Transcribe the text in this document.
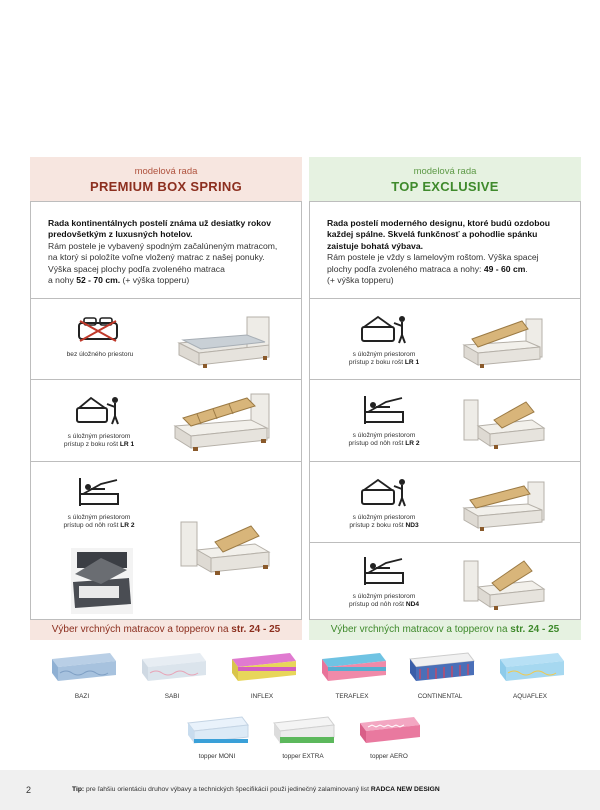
modelová rada
PREMIUM BOX SPRING
modelová rada
TOP EXCLUSIVE
Rada kontinentálnych postelí známa už desiatky rokov
predovšetkým z luxusných hotelov.
Rám postele je vybavený spodným začalúneným matracom,
na ktorý si položíte voľne vložený matrac z našej ponuky.
Výška spacej plochy podľa zvoleného matraca
a nohy 52 - 70 cm. (+ výška topperu)
bez úložného priestoru
s úložným priestorom
prístup z boku rošt LR 1
s úložným priestorom
prístup od nôh rošt LR 2
Rada postelí moderného designu, ktoré budú ozdobou
každej spálne. Skvelá funkčnosť a pohodlie spánku
zaistuje bohatá výbava.
Rám postele je vždy s lamelovým roštom. Výška spacej
plochy podľa zvoleného matraca a nohy: 49 - 60 cm.
(+ výška topperu)
s úložným priestorom
prístup z boku rošt LR 1
s úložným priestorom
prístup od nôh rošt LR 2
s úložným priestorom
prístup z boku rošt ND3
s úložným priestorom
prístup od nôh rošt ND4
Výber vrchných matracov a topperov na str. 24 - 25	Výber vrchných matracov a topperov na str. 24 - 25
BAZI	SABI	INFLEX	TERAFLEX	CONTINENTAL	AQUAFLEX
topper MONI	topper EXTRA	topper AERO
2	Tip: pre ľahšiu orientáciu druhov výbavy a technických špecifikácií použi jedinečný zalaminovaný list RADCA NEW DESIGN
